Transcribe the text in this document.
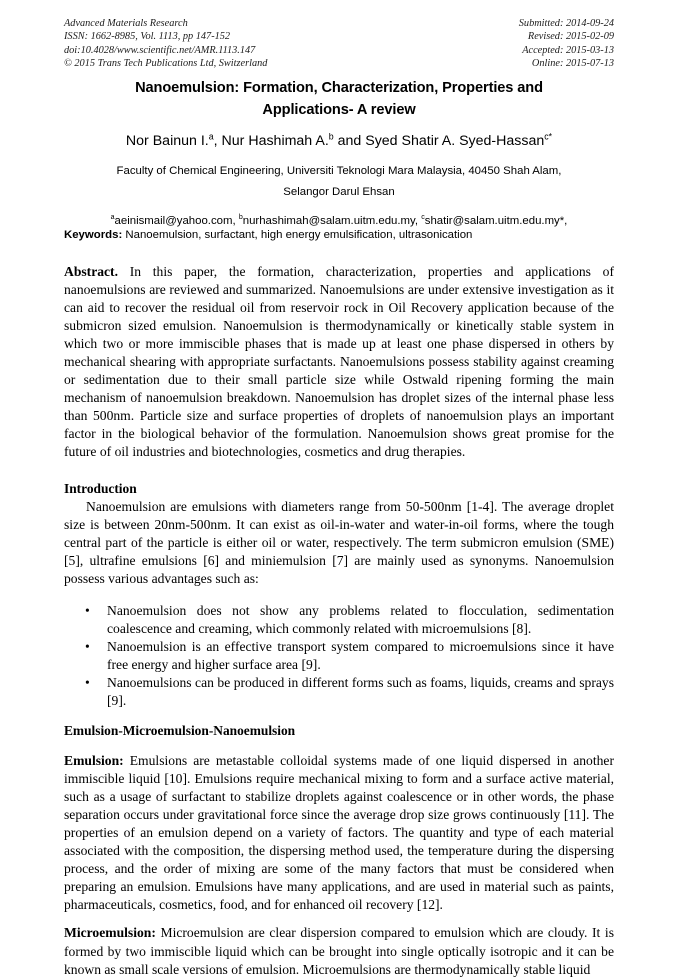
Advanced Materials Research
ISSN: 1662-8985, Vol. 1113, pp 147-152
doi:10.4028/www.scientific.net/AMR.1113.147
© 2015 Trans Tech Publications Ltd, Switzerland
Submitted: 2014-09-24
Revised: 2015-02-09
Accepted: 2015-03-13
Online: 2015-07-13
Nanoemulsion: Formation, Characterization, Properties and Applications- A review
Nor Bainun I.$^a$, Nur Hashimah A.$^b$ and Syed Shatir A. Syed-Hassan$^{c*}$
Faculty of Chemical Engineering, Universiti Teknologi Mara Malaysia, 40450 Shah Alam,
Selangor Darul Ehsan
$^a$aeinismail@yahoo.com, $^b$nurhashimah@salam.uitm.edu.my, $^c$shatir@salam.uitm.edu.my*,

Keywords: Nanoemulsion, surfactant, high energy emulsification, ultrasonication

Abstract. In this paper, the formation, characterization, properties and applications of nanoemulsions are reviewed and summarized. Nanoemulsions are under extensive investigation as it can aid to recover the residual oil from reservoir rock in Oil Recovery application because of the submicron sized emulsion. Nanoemulsion is thermodynamically or kinetically stable system in which two or more immiscible phases that is made up at least one phase dispersed in others by mechanical shearing with appropriate surfactants. Nanoemulsions possess stability against creaming or sedimentation due to their small particle size while Ostwald ripening forming the main mechanism of nanoemulsion breakdown. Nanoemulsion has droplet sizes of the internal phase less than 500nm. Particle size and surface properties of droplets of nanoemulsion plays an important factor in the biological behavior of the formulation. Nanoemulsion shows great promise for the future of oil industries and biotechnologies, cosmetics and drug therapies.

Introduction

Nanoemulsion are emulsions with diameters range from 50-500nm [1-4]. The average droplet size is between 20nm-500nm. It can exist as oil-in-water and water-in-oil forms, where the tough central part of the particle is either oil or water, respectively. The term submicron emulsion (SME) [5], ultrafine emulsions [6] and miniemulsion [7] are mainly used as synonyms. Nanoemulsion possess various advantages such as:

• Nanoemulsion does not show any problems related to flocculation, sedimentation coalescence and creaming, which commonly related with microemulsions [8].
• Nanoemulsion is an effective transport system compared to microemulsions since it have free energy and higher surface area [9].
• Nanoemulsions can be produced in different forms such as foams, liquids, creams and sprays [9].
Emulsion-Microemulsion-Nanoemulsion

Emulsion: Emulsions are metastable colloidal systems made of one liquid dispersed in another immiscible liquid [10]. Emulsions require mechanical mixing to form and a surface active material, such as a usage of surfactant to stabilize droplets against coalescence or in other words, the phase separation occurs under gravitational force since the average drop size grows continuously [11]. The properties of an emulsion depend on a variety of factors. The quantity and type of each material associated with the composition, the dispersing method used, the temperature during the dispersing process, and the order of mixing are some of the many factors that must be considered when preparing an emulsion. Emulsions have many applications, and are used in material such as paints, pharmaceuticals, cosmetics, food, and for enhanced oil recovery [12].

Microemulsion: Microemulsion are clear dispersion compared to emulsion which are cloudy. It is formed by two immiscible liquid which can be brought into single optically isotropic and it can be known as small scale versions of emulsion. Microemulsions are thermodynamically stable liquid
